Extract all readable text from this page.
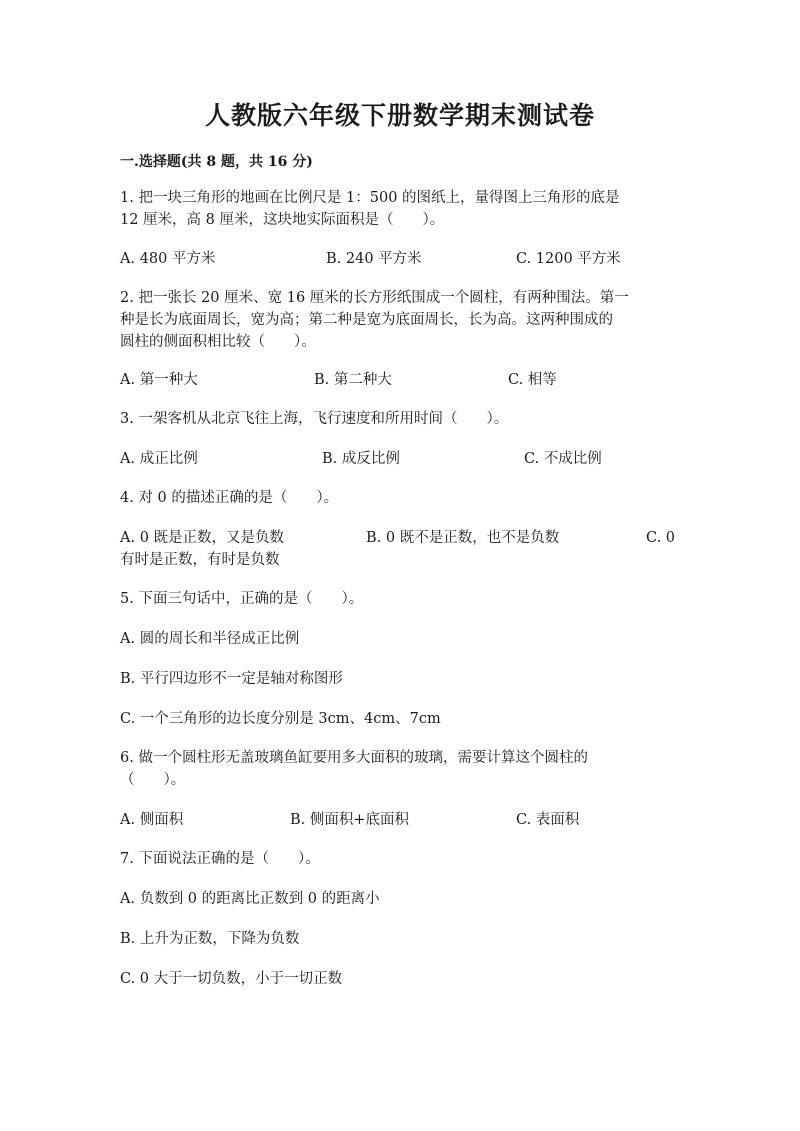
人教版六年级下册数学期末测试卷
一.选择题(共 8 题，共 16 分)
1. 把一块三角形的地画在比例尺是 1：500 的图纸上，量得图上三角形的底是
12 厘米，高 8 厘米，这块地实际面积是（　　）。
A. 480 平方米	B. 240 平方米	C. 1200 平方米
2. 把一张长 20 厘米、宽 16 厘米的长方形纸围成一个圆柱，有两种围法。第一
种是长为底面周长，宽为高；第二种是宽为底面周长，长为高。这两种围成的
圆柱的侧面积相比较（　　）。
A. 第一种大	B. 第二种大	C. 相等
3. 一架客机从北京飞往上海，飞行速度和所用时间（　　）。
A. 成正比例	B. 成反比例	C. 不成比例
4. 对 0 的描述正确的是（　　）。
A. 0 既是正数，又是负数	B. 0 既不是正数，也不是负数	C. 0
有时是正数，有时是负数
5. 下面三句话中，正确的是（　　）。
A. 圆的周长和半径成正比例
B. 平行四边形不一定是轴对称图形
C. 一个三角形的边长度分别是 3cm、4cm、7cm
6. 做一个圆柱形无盖玻璃鱼缸要用多大面积的玻璃，需要计算这个圆柱的
（　　）。
A. 侧面积	B. 侧面积+底面积	C. 表面积
7. 下面说法正确的是（　　）。
A. 负数到 0 的距离比正数到 0 的距离小
B. 上升为正数，下降为负数
C. 0 大于一切负数，小于一切正数
